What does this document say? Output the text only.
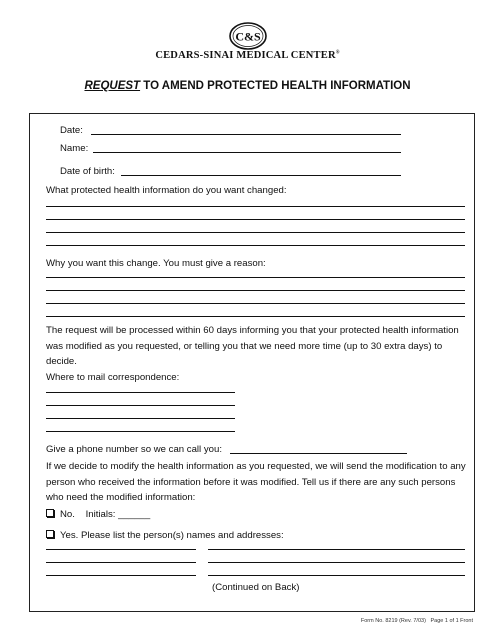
C&S
CEDARS-SINAI MEDICAL CENTER®
REQUEST TO AMEND PROTECTED HEALTH INFORMATION
Date:
Name:
Date of birth:
What protected health information do you want changed:
Why you want this change. You must give a reason:
The request will be processed within 60 days informing you that your protected health information was modified as you requested, or telling you that we need more time (up to 30 extra days) to decide.
Where to mail correspondence:
Give a phone number so we can call you:
If we decide to modify the health information as you requested, we will send the modification to any person who received the information before it was modified. Tell us if there are any such persons who need the modified information:
No. Initials: ______
Yes. Please list the person(s) names and addresses:
(Continued on Back)
Form No. 8219 (Rev. 7/03) Page 1 of 1 Front
